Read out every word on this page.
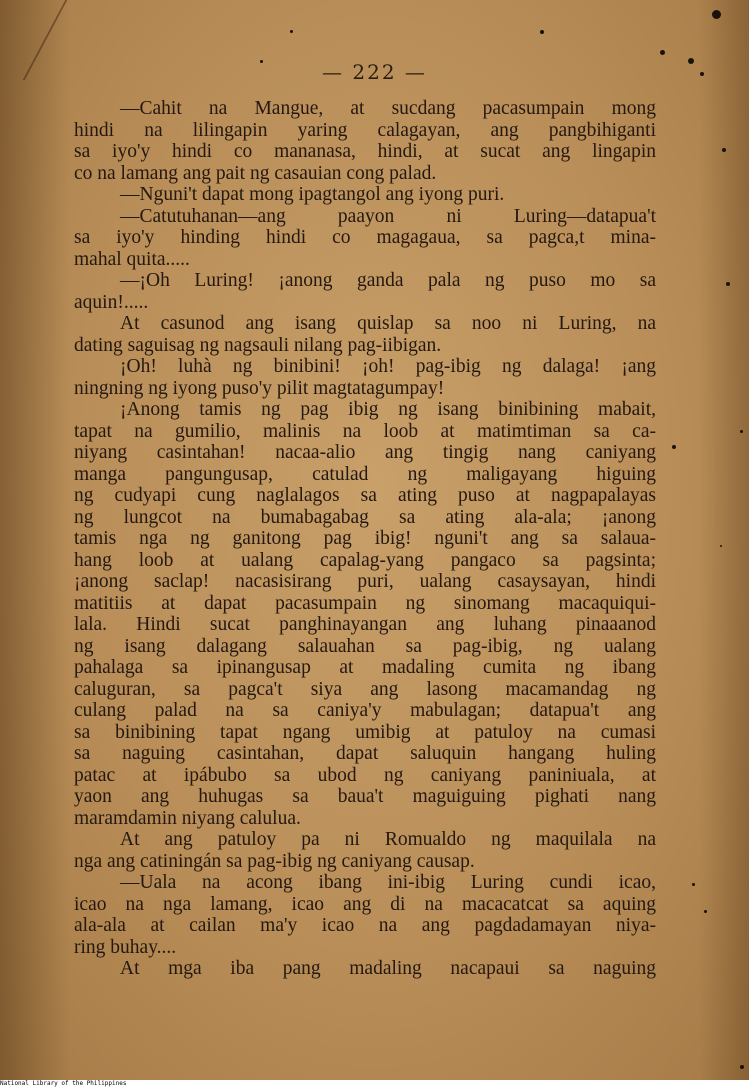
— 222 —
—Cahit na Mangue, at sucdang pacasumpain mong
hindi na lilingapin yaring calagayan, ang pangbihiganti
sa iyo'y hindi co mananasa, hindi, at sucat ang lingapin
co na lamang ang pait ng casauian cong palad.
—Nguni't dapat mong ipagtangol ang iyong puri.
—Catutuhanan—ang paayon ni Luring—datapua't
sa iyo'y hinding hindi co magagaua, sa pagca,t mina-
mahal quita.....
—¡Oh Luring! ¡anong ganda pala ng puso mo sa
aquin!.....
At casunod ang isang quislap sa noo ni Luring, na
dating saguisag ng nagsauli nilang pag-iibigan.
¡Oh! luhà ng binibini! ¡oh! pag-ibig ng dalaga! ¡ang
ningning ng iyong puso'y pilit magtatagumpay!
¡Anong tamis ng pag ibig ng isang binibining mabait,
tapat na gumilio, malinis na loob at matimtiman sa ca-
niyang casintahan! nacaa-alio ang tingig nang caniyang
manga pangungusap, catulad ng maligayang higuing
ng cudyapi cung naglalagos sa ating puso at nagpapalayas
ng lungcot na bumabagabag sa ating ala-ala; ¡anong
tamis nga ng ganitong pag ibig! nguni't ang sa salaua-
hang loob at ualang capalag-yang pangaco sa pagsinta;
¡anong saclap! nacasisirang puri, ualang casaysayan, hindi
matitiis at dapat pacasumpain ng sinomang macaquiqui-
lala. Hindi sucat panghinayangan ang luhang pinaaanod
ng isang dalagang salauahan sa pag-ibig, ng ualang
pahalaga sa ipinangusap at madaling cumita ng ibang
caluguran, sa pagca't siya ang lasong macamandag ng
culang palad na sa caniya'y mabulagan; datapua't ang
sa binibining tapat ngang umibig at patuloy na cumasi
sa naguing casintahan, dapat saluquin hangang huling
patac at ipábubo sa ubod ng caniyang paniniuala, at
yaon ang huhugas sa baua't maguiguing pighati nang
maramdamin niyang calulua.
At ang patuloy pa ni Romualdo ng maquilala na
nga ang catiningán sa pag-ibig ng caniyang causap.
—Uala na acong ibang ini-ibig Luring cundi icao,
icao na nga lamang, icao ang di na macacatcat sa aquing
ala-ala at cailan ma'y icao na ang pagdadamayan niya-
ring buhay....
At mga iba pang madaling nacapaui sa naguing
National Library of the Philippines
